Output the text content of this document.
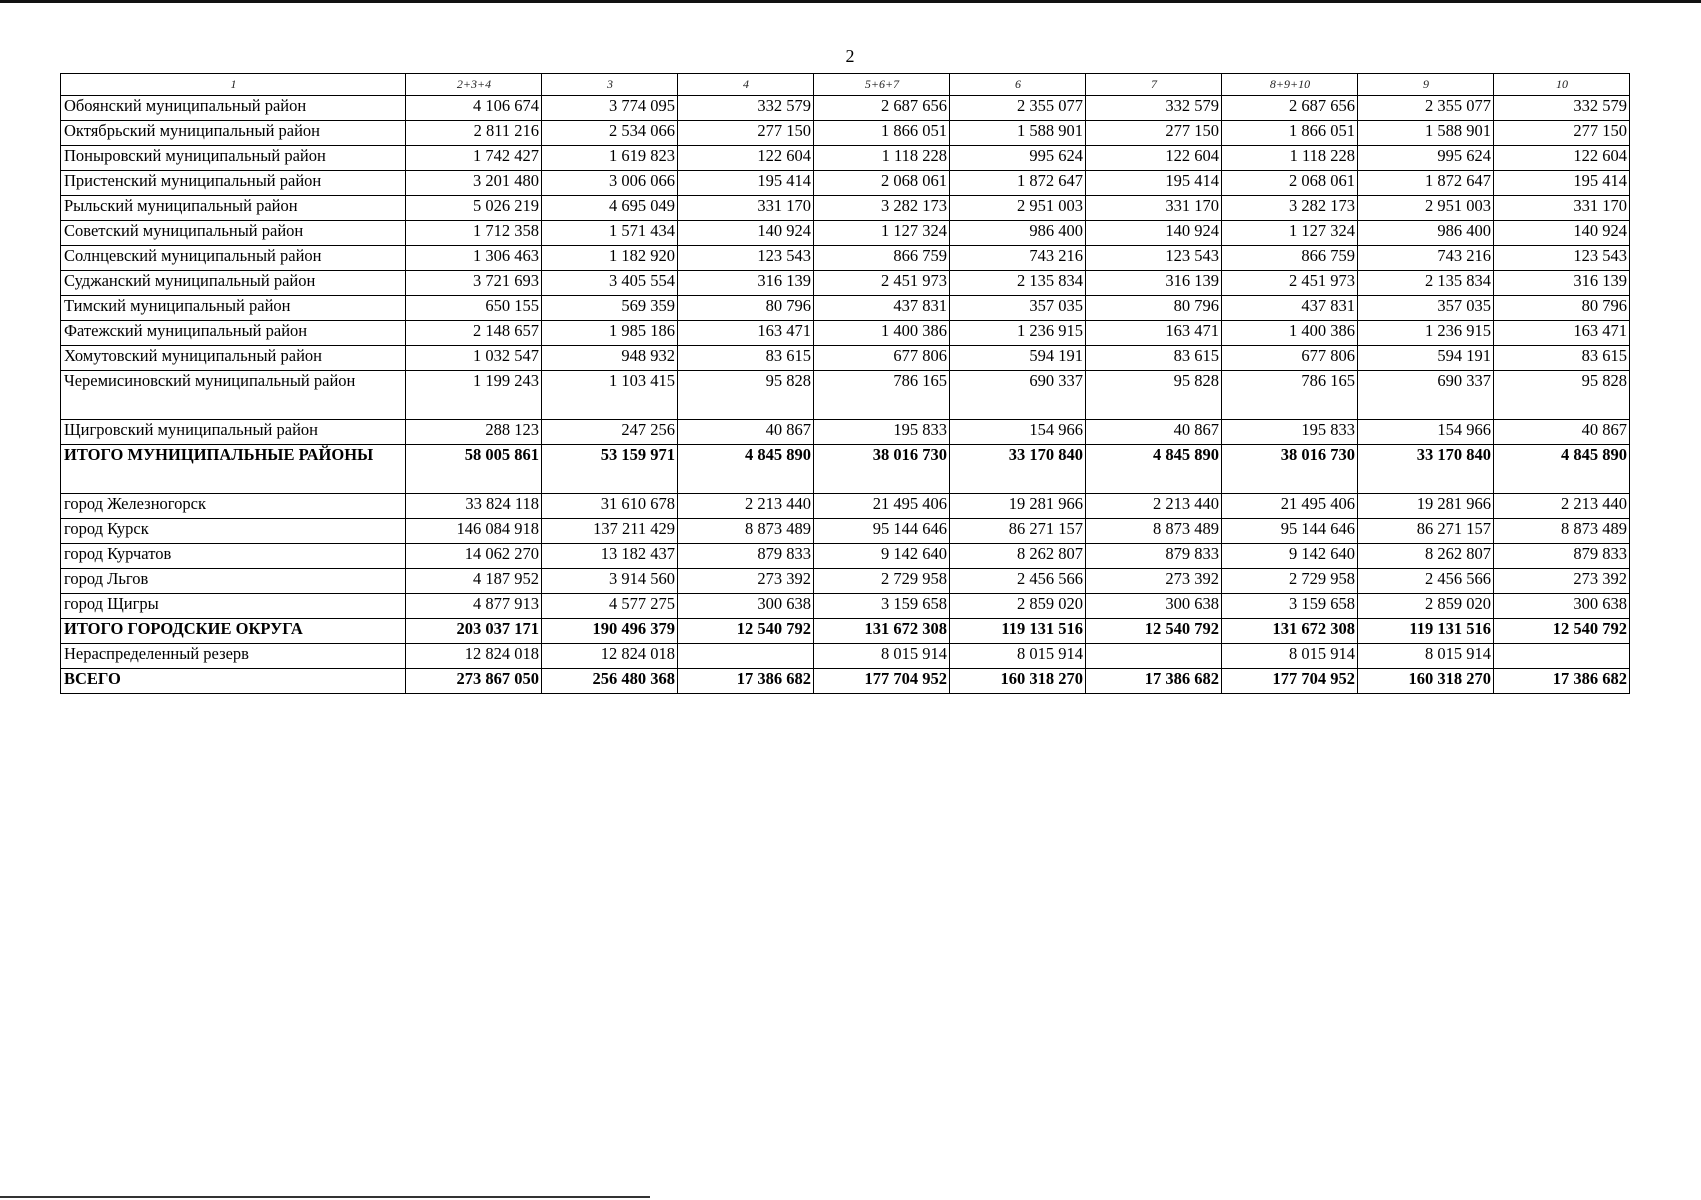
2
1	2+3+4	3	4	5+6+7	6	7	8+9+10	9	10
Обоянский муниципальный район	4 106 674	3 774 095	332 579	2 687 656	2 355 077	332 579	2 687 656	2 355 077	332 579
Октябрьский муниципальный район	2 811 216	2 534 066	277 150	1 866 051	1 588 901	277 150	1 866 051	1 588 901	277 150
Поныровский муниципальный район	1 742 427	1 619 823	122 604	1 118 228	995 624	122 604	1 118 228	995 624	122 604
Пристенский муниципальный район	3 201 480	3 006 066	195 414	2 068 061	1 872 647	195 414	2 068 061	1 872 647	195 414
Рыльский муниципальный район	5 026 219	4 695 049	331 170	3 282 173	2 951 003	331 170	3 282 173	2 951 003	331 170
Советский муниципальный район	1 712 358	1 571 434	140 924	1 127 324	986 400	140 924	1 127 324	986 400	140 924
Солнцевский муниципальный район	1 306 463	1 182 920	123 543	866 759	743 216	123 543	866 759	743 216	123 543
Суджанский муниципальный район	3 721 693	3 405 554	316 139	2 451 973	2 135 834	316 139	2 451 973	2 135 834	316 139
Тимский муниципальный район	650 155	569 359	80 796	437 831	357 035	80 796	437 831	357 035	80 796
Фатежский муниципальный район	2 148 657	1 985 186	163 471	1 400 386	1 236 915	163 471	1 400 386	1 236 915	163 471
Хомутовский муниципальный район	1 032 547	948 932	83 615	677 806	594 191	83 615	677 806	594 191	83 615
Черемисиновский муниципальный район	1 199 243	1 103 415	95 828	786 165	690 337	95 828	786 165	690 337	95 828
Щигровский муниципальный район	288 123	247 256	40 867	195 833	154 966	40 867	195 833	154 966	40 867
ИТОГО МУНИЦИПАЛЬНЫЕ РАЙОНЫ	58 005 861	53 159 971	4 845 890	38 016 730	33 170 840	4 845 890	38 016 730	33 170 840	4 845 890
город Железногорск	33 824 118	31 610 678	2 213 440	21 495 406	19 281 966	2 213 440	21 495 406	19 281 966	2 213 440
город Курск	146 084 918	137 211 429	8 873 489	95 144 646	86 271 157	8 873 489	95 144 646	86 271 157	8 873 489
город Курчатов	14 062 270	13 182 437	879 833	9 142 640	8 262 807	879 833	9 142 640	8 262 807	879 833
город Льгов	4 187 952	3 914 560	273 392	2 729 958	2 456 566	273 392	2 729 958	2 456 566	273 392
город Щигры	4 877 913	4 577 275	300 638	3 159 658	2 859 020	300 638	3 159 658	2 859 020	300 638
ИТОГО ГОРОДСКИЕ ОКРУГА	203 037 171	190 496 379	12 540 792	131 672 308	119 131 516	12 540 792	131 672 308	119 131 516	12 540 792
Нераспределенный резерв	12 824 018	12 824 018		8 015 914	8 015 914		8 015 914	8 015 914	
ВСЕГО	273 867 050	256 480 368	17 386 682	177 704 952	160 318 270	17 386 682	177 704 952	160 318 270	17 386 682
